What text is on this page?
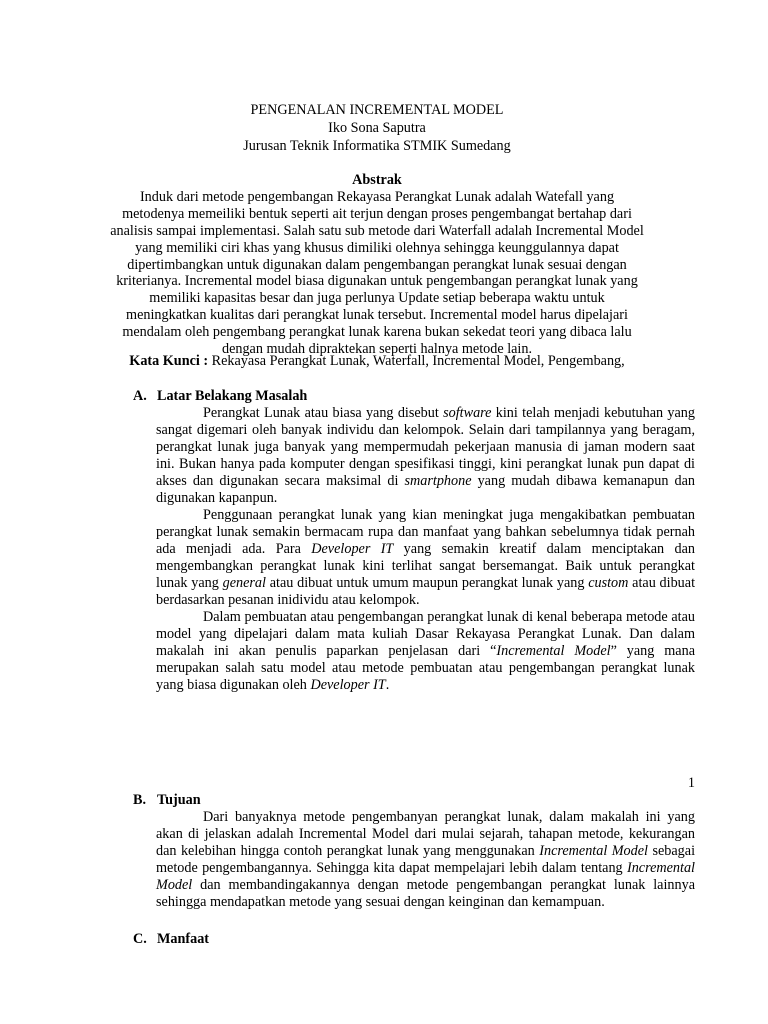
PENGENALAN INCREMENTAL MODEL
Iko Sona Saputra
Jurusan Teknik Informatika STMIK Sumedang
Abstrak
Induk dari metode pengembangan Rekayasa Perangkat Lunak adalah Watefall yang
metodenya memeiliki bentuk seperti ait terjun dengan proses pengembangat bertahap dari
analisis sampai implementasi. Salah satu sub metode dari Waterfall adalah Incremental Model
yang memiliki ciri khas yang khusus dimiliki olehnya sehingga keunggulannya dapat
dipertimbangkan untuk digunakan dalam pengembangan perangkat lunak sesuai dengan
kriterianya. Incremental model biasa digunakan untuk pengembangan perangkat lunak yang
memiliki kapasitas besar dan juga perlunya Update setiap beberapa waktu untuk
meningkatkan kualitas dari perangkat lunak tersebut. Incremental model harus dipelajari
mendalam oleh pengembang perangkat lunak karena bukan sekedat teori yang dibaca lalu
dengan mudah dipraktekan seperti halnya metode lain.
Kata Kunci : Rekayasa Perangkat Lunak, Waterfall, Incremental Model, Pengembang,
A. Latar Belakang Masalah

Perangkat Lunak atau biasa yang disebut software kini telah menjadi kebutuhan yang sangat digemari oleh banyak individu dan kelompok. Selain dari tampilannya yang beragam, perangkat lunak juga banyak yang mempermudah pekerjaan manusia di jaman modern saat ini. Bukan hanya pada komputer dengan spesifikasi tinggi, kini perangkat lunak pun dapat di akses dan digunakan secara maksimal di smartphone yang mudah dibawa kemanapun dan digunakan kapanpun.

Penggunaan perangkat lunak yang kian meningkat juga mengakibatkan pembuatan perangkat lunak semakin bermacam rupa dan manfaat yang bahkan sebelumnya tidak pernah ada menjadi ada. Para Developer IT yang semakin kreatif dalam menciptakan dan mengembangkan perangkat lunak kini terlihat sangat bersemangat. Baik untuk perangkat lunak yang general atau dibuat untuk umum maupun perangkat lunak yang custom atau dibuat berdasarkan pesanan inidividu atau kelompok.

Dalam pembuatan atau pengembangan perangkat lunak di kenal beberapa metode atau model yang dipelajari dalam mata kuliah Dasar Rekayasa Perangkat Lunak. Dan dalam makalah ini akan penulis paparkan penjelasan dari “Incremental Model” yang mana merupakan salah satu model atau metode pembuatan atau pengembangan perangkat lunak yang biasa digunakan oleh Developer IT.

1
B. Tujuan

Dari banyaknya metode pengembanyan perangkat lunak, dalam makalah ini yang akan di jelaskan adalah Incremental Model dari mulai sejarah, tahapan metode, kekurangan dan kelebihan hingga contoh perangkat lunak yang menggunakan Incremental Model sebagai metode pengembangannya. Sehingga kita dapat mempelajari lebih dalam tentang Incremental Model dan membandingakannya dengan metode pengembangan perangkat lunak lainnya sehingga mendapatkan metode yang sesuai dengan keinginan dan kemampuan.

C. Manfaat
